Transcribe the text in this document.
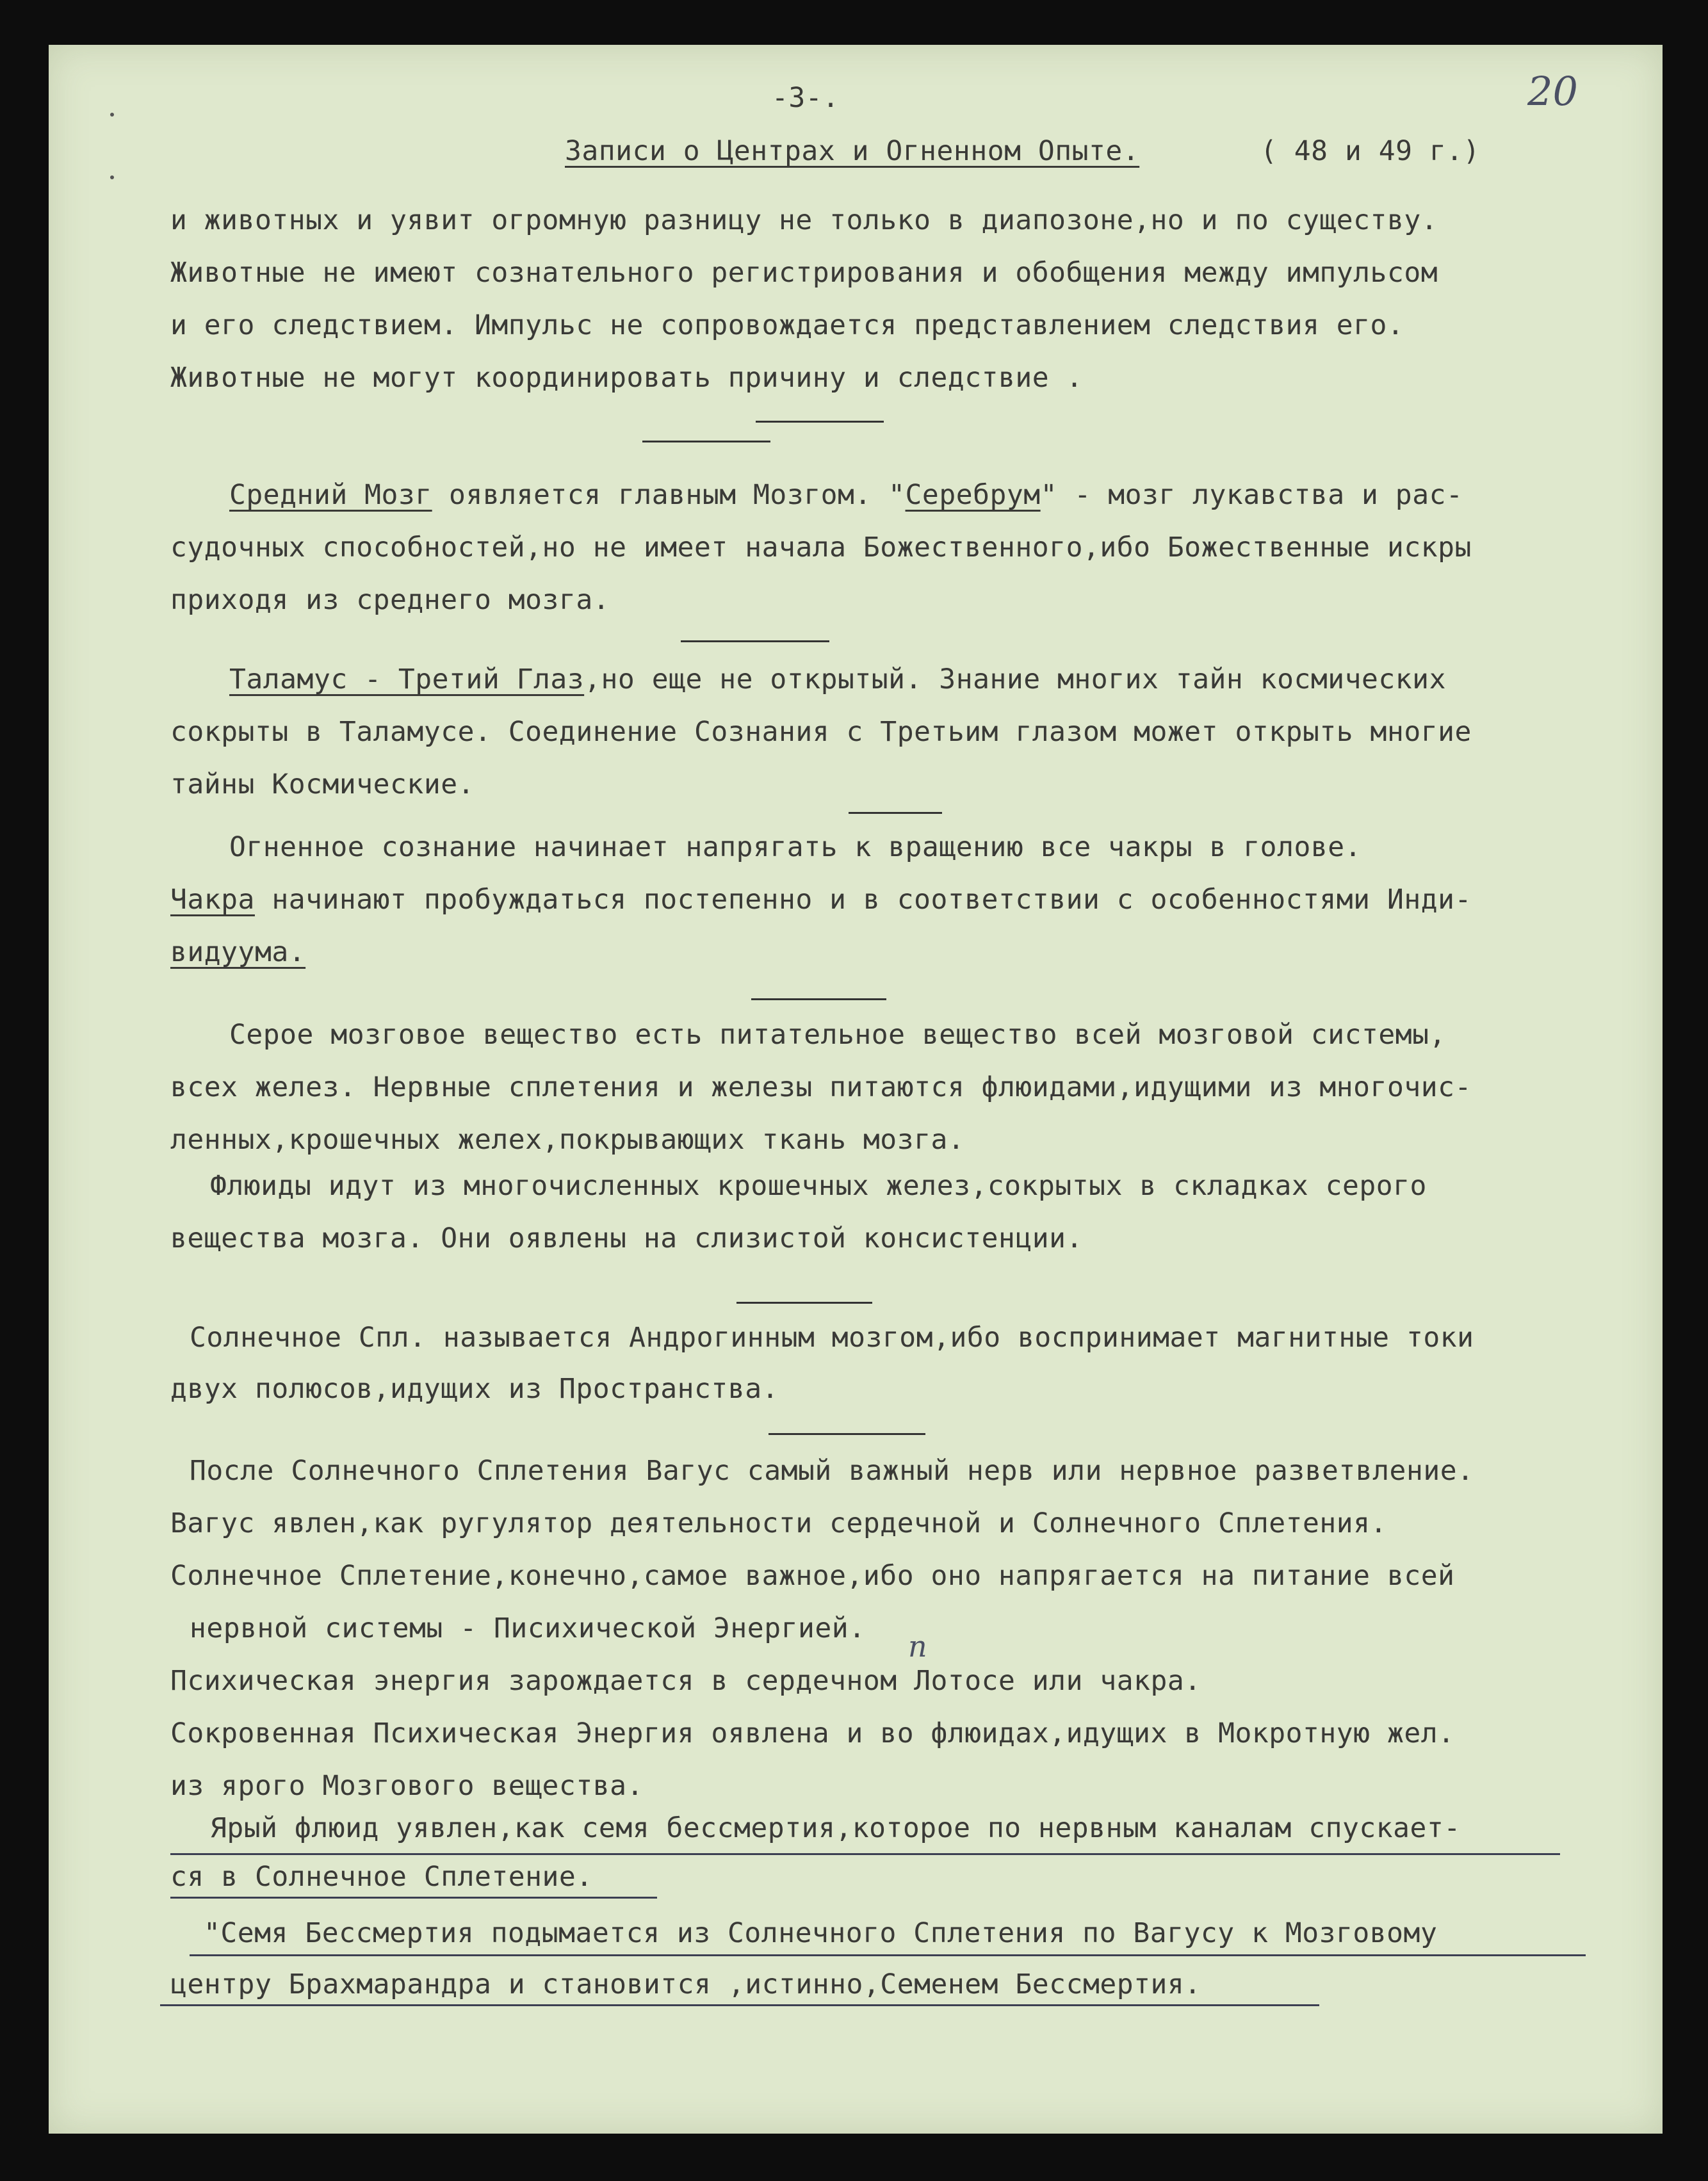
-3-.	20
Записи о Центрах и Огненном Опыте.	( 48 и 49 г.)
и животных и уявит огромную разницу не только в диапозоне,но и по существу.
Животные не имеют сознательного регистрирования и обобщения между импульсом
и его следствием. Импульс не сопровождается представлением следствия его.
Животные не могут координировать причину и следствие .
Средний Мозг оявляется главным Мозгом. "Серебрум" - мозг лукавства и рас-
судочных способностей,но не имеет начала Божественного,ибо Божественные искры
приходя из среднего мозга.
Таламус - Третий Глаз,но еще не открытый. Знание многих тайн космических
сокрыты в Таламусе. Соединение Сознания с Третьим глазом может открыть многие
тайны Космические.
Огненное сознание начинает напрягать к вращению все чакры в голове.
Чакра начинают пробуждаться постепенно и в соответствии с особенностями Инди-
видуума.
Серое мозговое вещество есть питательное вещество всей мозговой системы,
всех желез. Нервные сплетения и железы питаются флюидами,идущими из многочис-
ленных,крошечных желех,покрывающих ткань мозга.
Флюиды идут из многочисленных крошечных желез,сокрытых в складках серого
вещества мозга. Они оявлены на слизистой консистенции.
Солнечное Спл. называется Андрогинным мозгом,ибо воспринимает магнитные токи
двух полюсов,идущих из Пространства.
После Солнечного Сплетения Вагус самый важный нерв или нервное разветвление.
Вагус явлен,как ругулятор деятельности сердечной и Солнечного Сплетения.
Солнечное Сплетение,конечно,самое важное,ибо оно напрягается на питание всей
нервной системы - Писихической Энергией.
Психическая энергия зарождается в сердечном Лотосе или чакра.
Сокровенная Психическая Энергия оявлена и во флюидах,идущих в Мокротную жел.
из ярого Мозгового вещества.
п
Ярый флюид уявлен,как семя бессмертия,которое по нервным каналам спускает-
ся в Солнечное Сплетение.
"Семя Бессмертия подымается из Солнечного Сплетения по Вагусу к Мозговому
центру Брахмарандра и становится ,истинно,Семенем Бессмертия.
